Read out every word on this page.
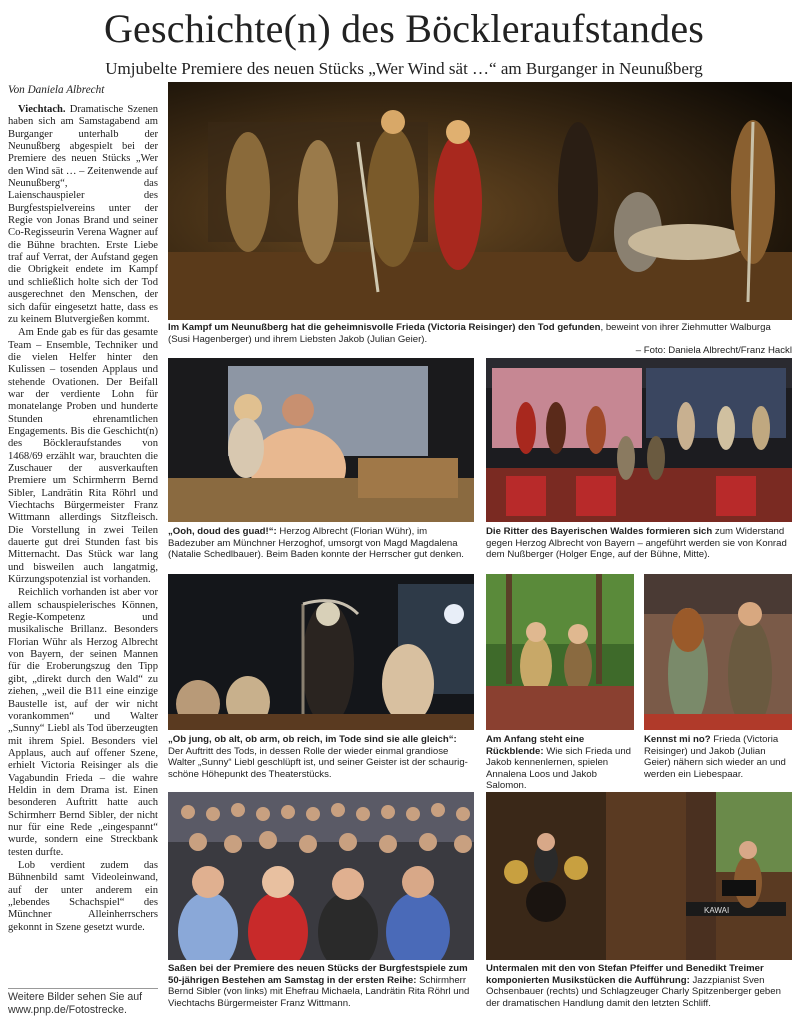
Geschichte(n) des Böckleraufstandes
Umjubelte Premiere des neuen Stücks „Wer Wind sät …“ am Burganger in Neunußberg
Von Daniela Albrecht

Viechtach. Dramatische Szenen haben sich am Samstagabend am Burganger unterhalb der Neunußberg abgespielt bei der Premiere des neuen Stücks „Wer den Wind sät … – Zeitenwende auf Neunußberg“, das Laienschauspieler des Burgfestspielvereins unter der Regie von Jonas Brand und seiner Co-Regisseurin Verena Wagner auf die Bühne brachten. Erste Liebe traf auf Verrat, der Aufstand gegen die Obrigkeit endete im Kampf und schließlich holte sich der Tod ausgerechnet den Menschen, der sich dafür eingesetzt hatte, dass es zu keinem Blutvergießen kommt.

Am Ende gab es für das gesamte Team – Ensemble, Techniker und die vielen Helfer hinter den Kulissen – tosenden Applaus und stehende Ovationen. Der Beifall war der verdiente Lohn für monatelange Proben und hunderte Stunden ehrenamtlichen Engagements. Bis die Geschicht(n) des Böckleraufstandes von 1468/69 erzählt war, brauchten die Zuschauer der ausverkauften Premiere um Schirmherrn Bernd Sibler, Landrätin Rita Röhrl und Viechtachs Bürgermeister Franz Wittmann allerdings Sitzfleisch. Die Vorstellung in zwei Teilen dauerte gut drei Stunden fast bis Mitternacht. Das Stück war lang und bisweilen auch langatmig, Kürzungspotenzial ist vorhanden.

Reichlich vorhanden ist aber vor allem schauspielerisches Können, Regie-Kompetenz und musikalische Brillanz. Besonders Florian Wühr als Herzog Albrecht von Bayern, der seinen Mannen für die Eroberungszug den Tipp gibt, „direkt durch den Wald“ zu ziehen, „weil die B11 eine einzige Baustelle ist, auf der wir nicht vorankommen“ und Walter „Sunny“ Liebl als Tod überzeugten mit ihrem Spiel. Besonders viel Applaus, auch auf offener Szene, erhielt Victoria Reisinger als die Vagabundin Frieda – die wahre Heldin in dem Drama ist. Einen besonderen Auftritt hatte auch Schirmherr Bernd Sibler, der nicht nur für eine Rede „eingespannt“ wurde, sondern eine Streckbank testen durfte.

Lob verdient zudem das Bühnenbild samt Videoleinwand, auf der unter anderem ein „lebendes Schachspiel“ des Münchner Alleinherrschers gekonnt in Szene gesetzt wurde.

Weitere Bilder sehen Sie auf www.pnp.de/Fotostrecke.
Im Kampf um Neunußberg hat die geheimnisvolle Frieda (Victoria Reisinger) den Tod gefunden, beweint von ihrer Ziehmutter Walburga (Susi Hagenberger) und ihrem Liebsten Jakob (Julian Geier).
– Foto: Daniela Albrecht/Franz Hackl
„Ooh, doud des guad!“: Herzog Albrecht (Florian Wühr), im Badezuber am Münchner Herzoghof, umsorgt von Magd Magdalena (Natalie Schedlbauer). Beim Baden konnte der Herrscher gut denken.
Die Ritter des Bayerischen Waldes formieren sich zum Widerstand gegen Herzog Albrecht von Bayern – angeführt werden sie von Konrad dem Nußberger (Holger Enge, auf der Bühne, Mitte).
„Ob jung, ob alt, ob arm, ob reich, im Tode sind sie alle gleich“: Der Auftritt des Tods, in dessen Rolle der wieder einmal grandiose Walter „Sunny“ Liebl geschlüpft ist, und seiner Geister ist der schaurig-schöne Höhepunkt des Theaterstücks.
Am Anfang steht eine Rückblende: Wie sich Frieda und Jakob kennenlernen, spielen Annalena Loos und Jakob Salomon.
Kennst mi no? Frieda (Victoria Reisinger) und Jakob (Julian Geier) nähern sich wieder an und werden ein Liebespaar.
Saßen bei der Premiere des neuen Stücks der Burgfestspiele zum 50-jährigen Bestehen am Samstag in der ersten Reihe: Schirmherr Bernd Sibler (von links) mit Ehefrau Michaela, Landrätin Rita Röhrl und Viechtachs Bürgermeister Franz Wittmann.
KAWAI
Untermalen mit den von Stefan Pfeiffer und Benedikt Treimer komponierten Musikstücken die Aufführung: Jazzpianist Sven Ochsenbauer (rechts) und Schlagzeuger Charly Spitzenberger geben der dramatischen Handlung damit den letzten Schliff.
